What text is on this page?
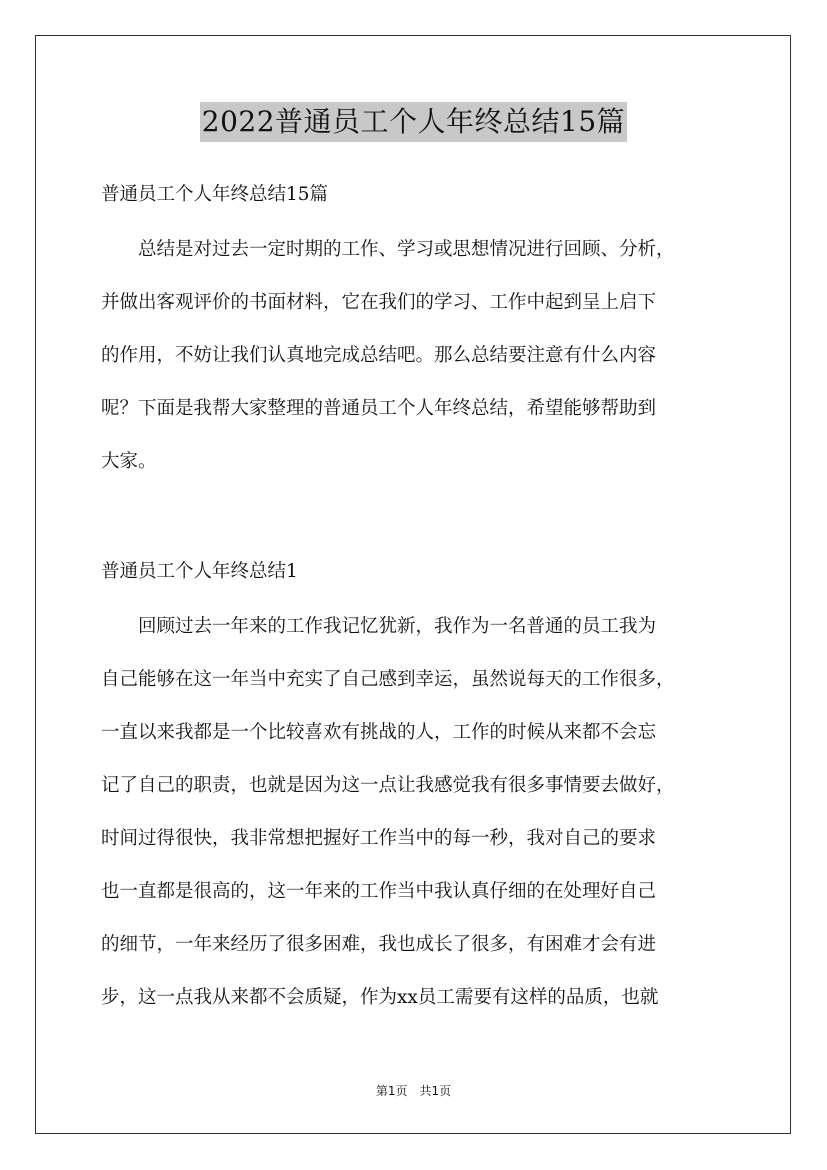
2022普通员工个人年终总结15篇
普通员工个人年终总结15篇
　　总结是对过去一定时期的工作、学习或思想情况进行回顾、分析，
并做出客观评价的书面材料，它在我们的学习、工作中起到呈上启下
的作用，不妨让我们认真地完成总结吧。那么总结要注意有什么内容
呢？下面是我帮大家整理的普通员工个人年终总结，希望能够帮助到
大家。
普通员工个人年终总结1
　　回顾过去一年来的工作我记忆犹新，我作为一名普通的员工我为
自己能够在这一年当中充实了自己感到幸运，虽然说每天的工作很多，
一直以来我都是一个比较喜欢有挑战的人，工作的时候从来都不会忘
记了自己的职责，也就是因为这一点让我感觉我有很多事情要去做好，
时间过得很快，我非常想把握好工作当中的每一秒，我对自己的要求
也一直都是很高的，这一年来的工作当中我认真仔细的在处理好自己
的细节，一年来经历了很多困难，我也成长了很多，有困难才会有进
步，这一点我从来都不会质疑，作为xx员工需要有这样的品质，也就
第1页　共1页
